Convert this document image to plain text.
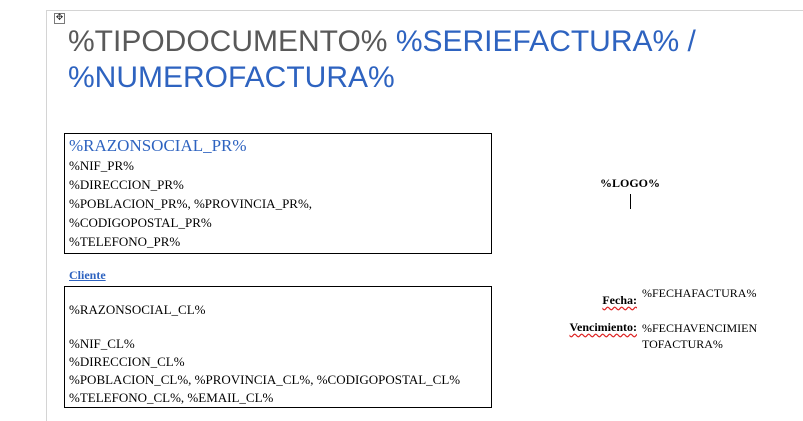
✥
%TIPODOCUMENTO% %SERIEFACTURA% / %NUMEROFACTURA%
%RAZONSOCIAL_PR%
%NIF_PR%
%DIRECCION_PR%
%POBLACION_PR%, %PROVINCIA_PR%,
%CODIGOPOSTAL_PR%
%TELEFONO_PR%
Cliente
%RAZONSOCIAL_CL%
%NIF_CL%
%DIRECCION_CL%
%POBLACION_CL%, %PROVINCIA_CL%, %CODIGOPOSTAL_CL%
%TELEFONO_CL%, %EMAIL_CL%
%LOGO%
Fecha: %FECHAFACTURA%
Vencimiento: %FECHAVENCIMIENTOFACTURA%
